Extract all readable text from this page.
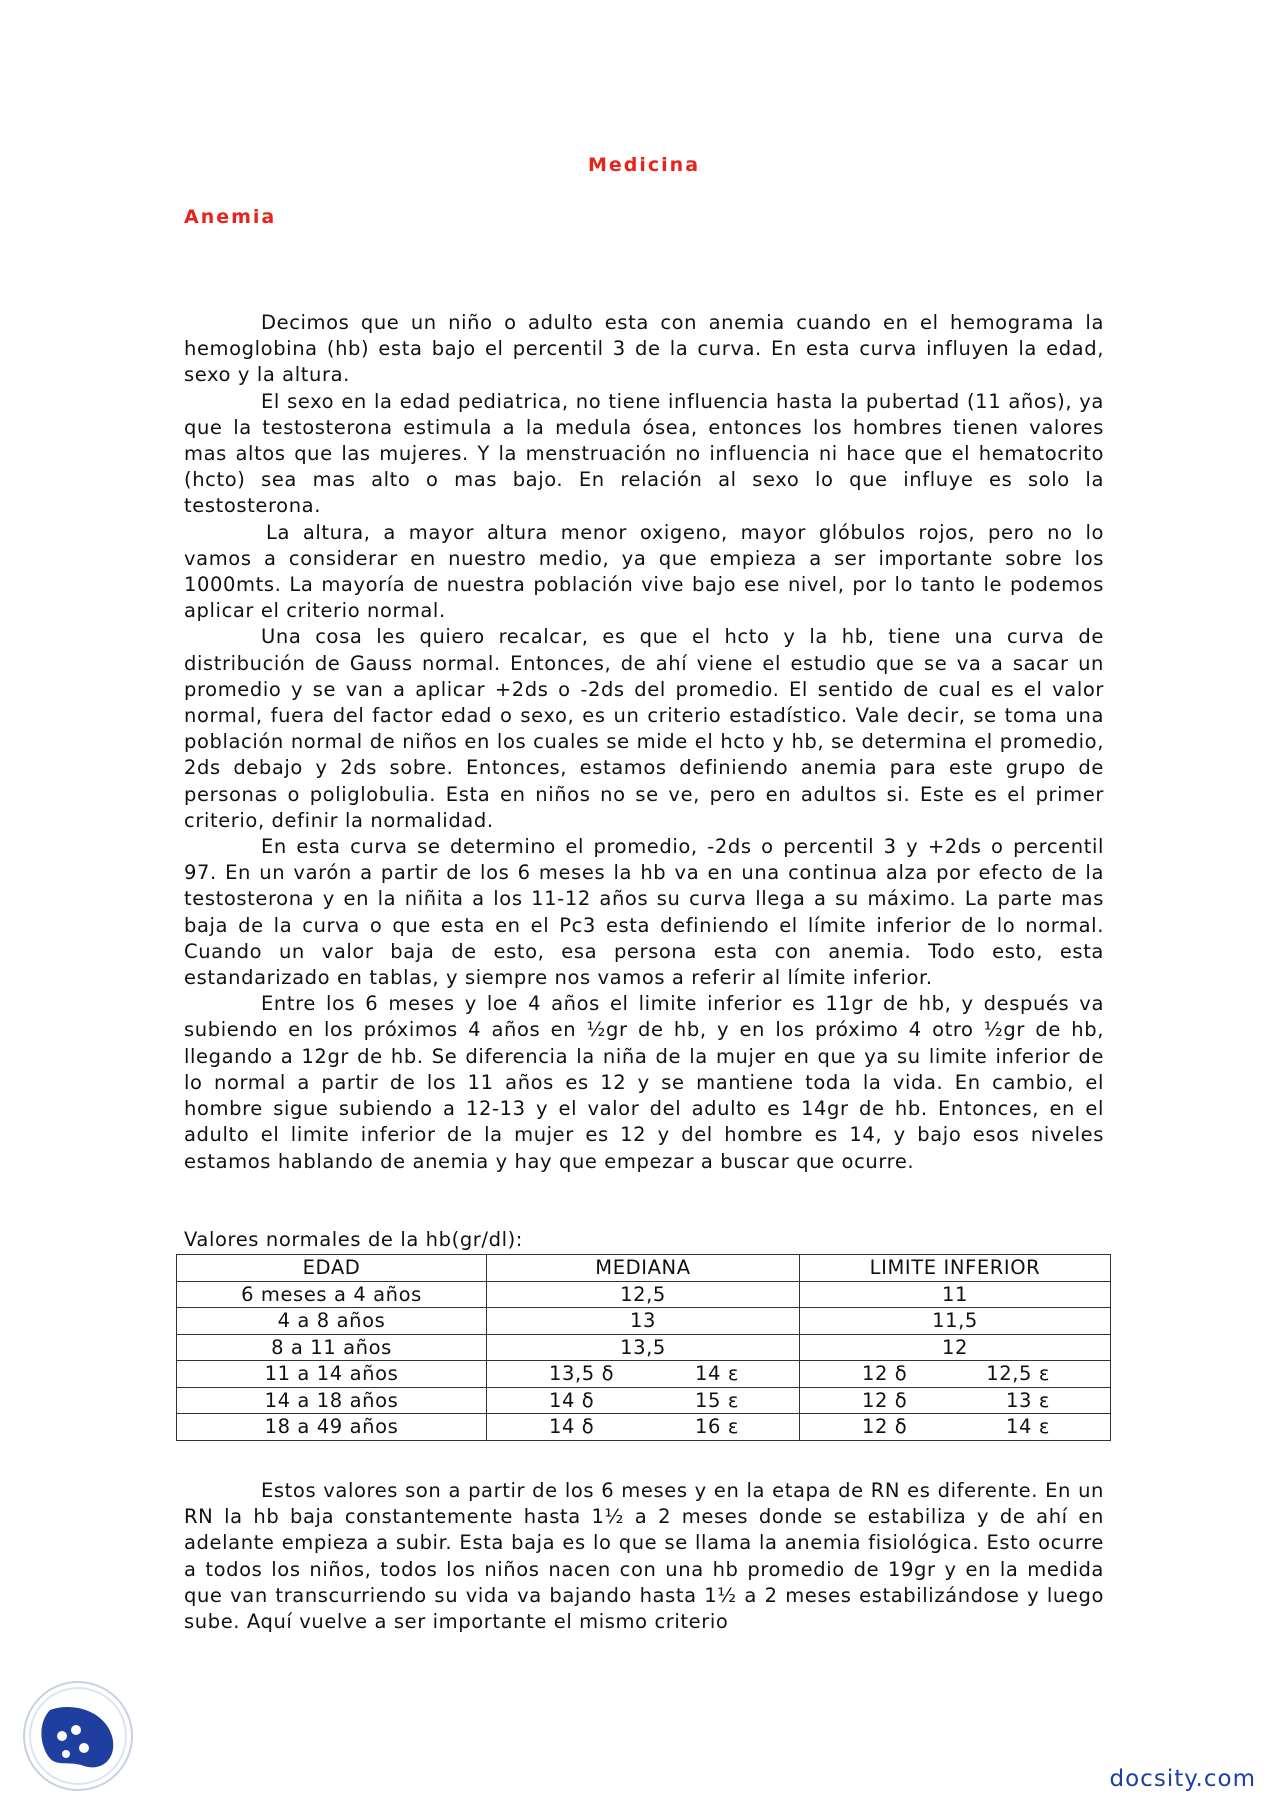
Medicina
Anemia

Decimos que un niño o adulto esta con anemia cuando en el hemograma la hemoglobina (hb) esta bajo el percentil 3 de la curva. En esta curva influyen la edad, sexo y la altura.

El sexo en la edad pediatrica, no tiene influencia hasta la pubertad (11 años), ya que la testosterona estimula a la medula ósea, entonces los hombres tienen valores mas altos que las mujeres. Y la menstruación no influencia ni hace que el hematocrito (hcto) sea mas alto o mas bajo. En relación al sexo lo que influye es solo la testosterona.

La altura, a mayor altura menor oxigeno, mayor glóbulos rojos, pero no lo vamos a considerar en nuestro medio, ya que empieza a ser importante sobre los 1000mts. La mayoría de nuestra población vive bajo ese nivel, por lo tanto le podemos aplicar el criterio normal.

Una cosa les quiero recalcar, es que el hcto y la hb, tiene una curva de distribución de Gauss normal. Entonces, de ahí viene el estudio que se va a sacar un promedio y se van a aplicar +2ds o -2ds del promedio. El sentido de cual es el valor normal, fuera del factor edad o sexo, es un criterio estadístico. Vale decir, se toma una población normal de niños en los cuales se mide el hcto y hb, se determina el promedio, 2ds debajo y 2ds sobre. Entonces, estamos definiendo anemia para este grupo de personas o poliglobulia. Esta en niños no se ve, pero en adultos si. Este es el primer criterio, definir la normalidad.

En esta curva se determino el promedio, -2ds o percentil 3 y +2ds o percentil 97. En un varón a partir de los 6 meses la hb va en una continua alza por efecto de la testosterona y en la niñita a los 11-12 años su curva llega a su máximo. La parte mas baja de la curva o que esta en el Pc3 esta definiendo el límite inferior de lo normal. Cuando un valor baja de esto, esa persona esta con anemia. Todo esto, esta estandarizado en tablas, y siempre nos vamos a referir al límite inferior.

Entre los 6 meses y loe 4 años el limite inferior es 11gr de hb, y después va subiendo en los próximos 4 años en ½gr de hb, y en los próximo 4 otro ½gr de hb, llegando a 12gr de hb. Se diferencia la niña de la mujer en que ya su limite inferior de lo normal a partir de los 11 años es 12 y se mantiene toda la vida. En cambio, el hombre sigue subiendo a 12-13 y el valor del adulto es 14gr de hb. Entonces, en el adulto el limite inferior de la mujer es 12 y del hombre es 14, y bajo esos niveles estamos hablando de anemia y hay que empezar a buscar que ocurre.

Valores normales de la hb(gr/dl):
EDAD	MEDIANA	LIMITE INFERIOR
6 meses a 4 años	12,5	11
4 a 8 años	13	11,5
8 a 11 años	13,5	12
11 a 14 años	13,5 δ 14 ε	12 δ 12,5 ε

14 a 18 años	14 δ 15 ε	12 δ 13 ε

18 a 49 años	14 δ 16 ε	12 δ 14 ε

Estos valores son a partir de los 6 meses y en la etapa de RN es diferente. En un RN la hb baja constantemente hasta 1½ a 2 meses donde se estabiliza y de ahí en adelante empieza a subir. Esta baja es lo que se llama la anemia fisiológica. Esto ocurre a todos los niños, todos los niños nacen con una hb promedio de 19gr y en la medida que van transcurriendo su vida va bajando hasta 1½ a 2 meses estabilizándose y luego sube. Aquí vuelve a ser importante el mismo criterio

docsity.com
